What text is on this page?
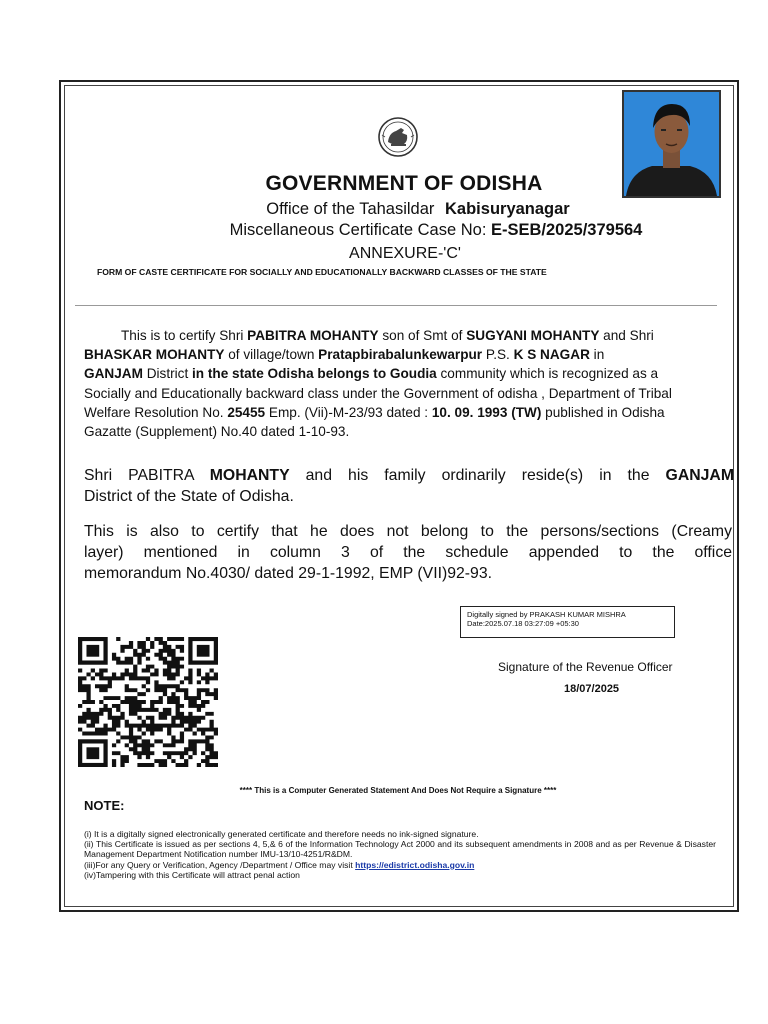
GOVERNMENT OF ODISHA
Office of the Tahasildar Kabisuryanagar
Miscellaneous Certificate Case No: E-SEB/2025/379564
ANNEXURE-'C'
FORM OF CASTE CERTIFICATE FOR SOCIALLY AND EDUCATIONALLY BACKWARD CLASSES OF THE STATE
This is to certify Shri PABITRA MOHANTY son of Smt of SUGYANI MOHANTY and Shri
BHASKAR MOHANTY of village/town Pratapbirabalunkewarpur P.S. K S NAGAR in
GANJAM District in the state Odisha belongs to Goudia community which is recognized as a
Socially and Educationally backward class under the Government of odisha , Department of Tribal
Welfare Resolution No. 25455 Emp. (Vii)-M-23/93 dated : 10. 09. 1993 (TW) published in Odisha
Gazatte (Supplement) No.40 dated 1-10-93.
Shri PABITRA MOHANTY and his family ordinarily reside(s) in the GANJAM
District of the State of Odisha.
This is also to certify that he does not belong to the persons/sections (Creamy
layer) mentioned in column 3 of the schedule appended to the office
memorandum No.4030/ dated 29-1-1992, EMP (VII)92-93.
Digitally signed by PRAKASH KUMAR MISHRA
Date:2025.07.18 03:27:09 +05:30
Signature of the Revenue Officer
18/07/2025
**** This is a Computer Generated Statement And Does Not Require a Signature ****
NOTE:
(i) It is a digitally signed electronically generated certificate and therefore needs no ink-signed signature.
(ii) This Certificate is issued as per sections 4, 5,& 6 of the Information Technology Act 2000 and its subsequent amendments in 2008 and as per Revenue & Disaster Management Department Notification number IMU-13/10-4251/R&DM.
(iii)For any Query or Verification, Agency /Department / Office may visit https://edistrict.odisha.gov.in
(iv)Tampering with this Certificate will attract penal action
